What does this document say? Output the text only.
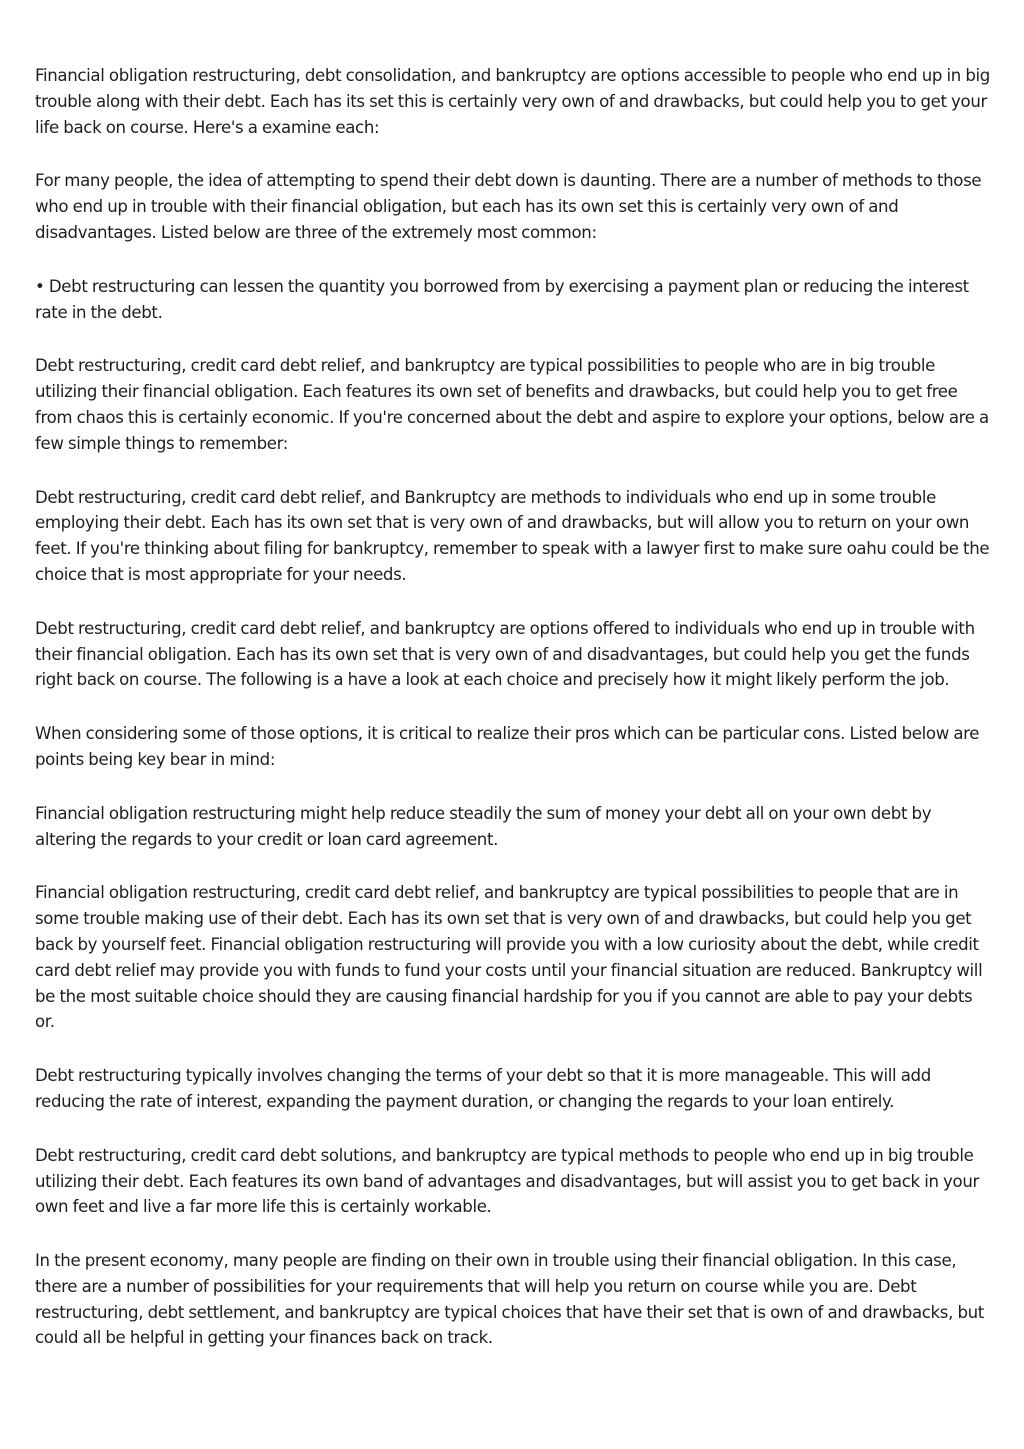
Financial obligation restructuring, debt consolidation, and bankruptcy are options accessible to people who end up in big trouble along with their debt. Each has its set this is certainly very own of and drawbacks, but could help you to get your life back on course. Here's a examine each:

For many people, the idea of attempting to spend their debt down is daunting. There are a number of methods to those who end up in trouble with their financial obligation, but each has its own set this is certainly very own of and disadvantages. Listed below are three of the extremely most common:

• Debt restructuring can lessen the quantity you borrowed from by exercising a payment plan or reducing the interest rate in the debt.

Debt restructuring, credit card debt relief, and bankruptcy are typical possibilities to people who are in big trouble utilizing their financial obligation. Each features its own set of benefits and drawbacks, but could help you to get free from chaos this is certainly economic. If you're concerned about the debt and aspire to explore your options, below are a few simple things to remember:

Debt restructuring, credit card debt relief, and Bankruptcy are methods to individuals who end up in some trouble employing their debt. Each has its own set that is very own of and drawbacks, but will allow you to return on your own feet. If you're thinking about filing for bankruptcy, remember to speak with a lawyer first to make sure oahu could be the choice that is most appropriate for your needs.

Debt restructuring, credit card debt relief, and bankruptcy are options offered to individuals who end up in trouble with their financial obligation. Each has its own set that is very own of and disadvantages, but could help you get the funds right back on course. The following is a have a look at each choice and precisely how it might likely perform the job.

When considering some of those options, it is critical to realize their pros which can be particular cons. Listed below are points being key bear in mind:

Financial obligation restructuring might help reduce steadily the sum of money your debt all on your own debt by altering the regards to your credit or loan card agreement.

Financial obligation restructuring, credit card debt relief, and bankruptcy are typical possibilities to people that are in some trouble making use of their debt. Each has its own set that is very own of and drawbacks, but could help you get back by yourself feet. Financial obligation restructuring will provide you with a low curiosity about the debt, while credit card debt relief may provide you with funds to fund your costs until your financial situation are reduced. Bankruptcy will be the most suitable choice should they are causing financial hardship for you if you cannot are able to pay your debts or.

Debt restructuring typically involves changing the terms of your debt so that it is more manageable. This will add reducing the rate of interest, expanding the payment duration, or changing the regards to your loan entirely.

Debt restructuring, credit card debt solutions, and bankruptcy are typical methods to people who end up in big trouble utilizing their debt. Each features its own band of advantages and disadvantages, but will assist you to get back in your own feet and live a far more life this is certainly workable.

In the present economy, many people are finding on their own in trouble using their financial obligation. In this case, there are a number of possibilities for your requirements that will help you return on course while you are. Debt restructuring, debt settlement, and bankruptcy are typical choices that have their set that is own of and drawbacks, but could all be helpful in getting your finances back on track.
